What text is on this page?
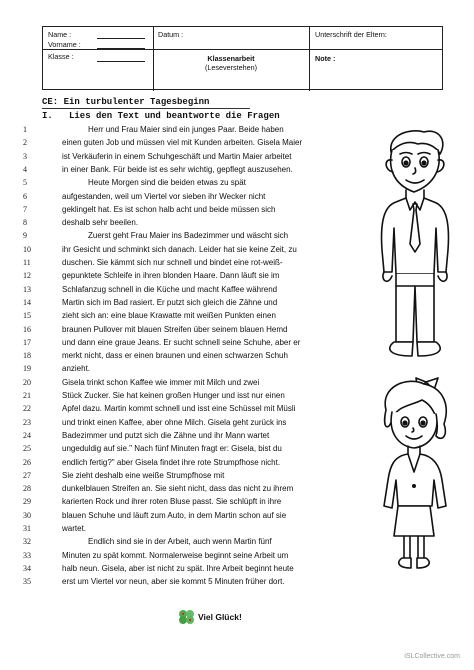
Name :
Vorname :
Klasse :
Datum :	Unterschrift der Eltern:
Klassenarbeit
(Leseverstehen)
Note :
CE: Ein turbulenter Tagesbeginn
I.   Lies den Text und beantworte die Fragen
1	Herr und Frau Maier sind ein junges Paar. Beide haben
2	einen guten Job und müssen viel mit Kunden arbeiten. Gisela Maier
3	ist Verkäuferin in einem Schuhgeschäft und Martin Maier arbeitet
4	in einer Bank. Für beide ist es sehr wichtig, gepflegt auszusehen.
5	Heute Morgen sind die beiden etwas zu spät
6	aufgestanden, weil um Viertel vor sieben ihr Wecker nicht
7	geklingelt hat. Es ist schon halb acht und beide müssen sich
8	deshalb sehr beeilen.
9	Zuerst geht Frau Maier ins Badezimmer und wäscht sich
10	ihr Gesicht und schminkt sich danach. Leider hat sie keine Zeit, zu
11	duschen. Sie kämmt sich nur schnell und bindet eine rot-weiß-
12	gepunktete Schleife in ihren blonden Haare. Dann läuft sie im
13	Schlafanzug schnell in die Küche und macht Kaffee während
14	Martin sich im Bad rasiert. Er putzt sich gleich die Zähne und
15	zieht sich an: eine blaue Krawatte mit weißen Punkten einen
16	braunen Pullover mit blauen Streifen über seinem blauen Hemd
17	und dann eine graue Jeans. Er sucht schnell seine Schuhe, aber er
18	merkt nicht, dass er einen braunen und einen schwarzen Schuh
19	anzieht.
20	Gisela trinkt schon Kaffee wie immer mit Milch und zwei
21	Stück Zucker. Sie hat keinen großen Hunger und isst nur einen
22	Apfel dazu. Martin kommt schnell und isst eine Schüssel mit Müsli
23	und trinkt einen Kaffee, aber ohne Milch. Gisela geht zurück ins
24	Badezimmer und putzt sich die Zähne und ihr Mann wartet
25	ungeduldig auf sie." Nach fünf Minuten fragt er: Gisela, bist du
26	endlich fertig?" aber Gisela findet ihre rote Strumpfhose nicht.
27	Sie zieht deshalb eine weiße Strumpfhose mit
28	dunkelblauen Streifen an. Sie sieht nicht, dass das nicht zu ihrem
29	karierten Rock und ihrer roten Bluse passt. Sie schlüpft in ihre
30	blauen Schuhe und läuft zum Auto, in dem Martin schon auf sie
31	wartet.
32	Endlich sind sie in der Arbeit, auch wenn Martin fünf
33	Minuten zu spät kommt. Normalerweise beginnt seine Arbeit um
34	halb neun. Gisela, aber ist nicht zu spät. Ihre Arbeit beginnt heute
35	erst um Viertel vor neun, aber sie kommt 5 Minuten früher dort.
Viel Glück!
iSLCollective.com
